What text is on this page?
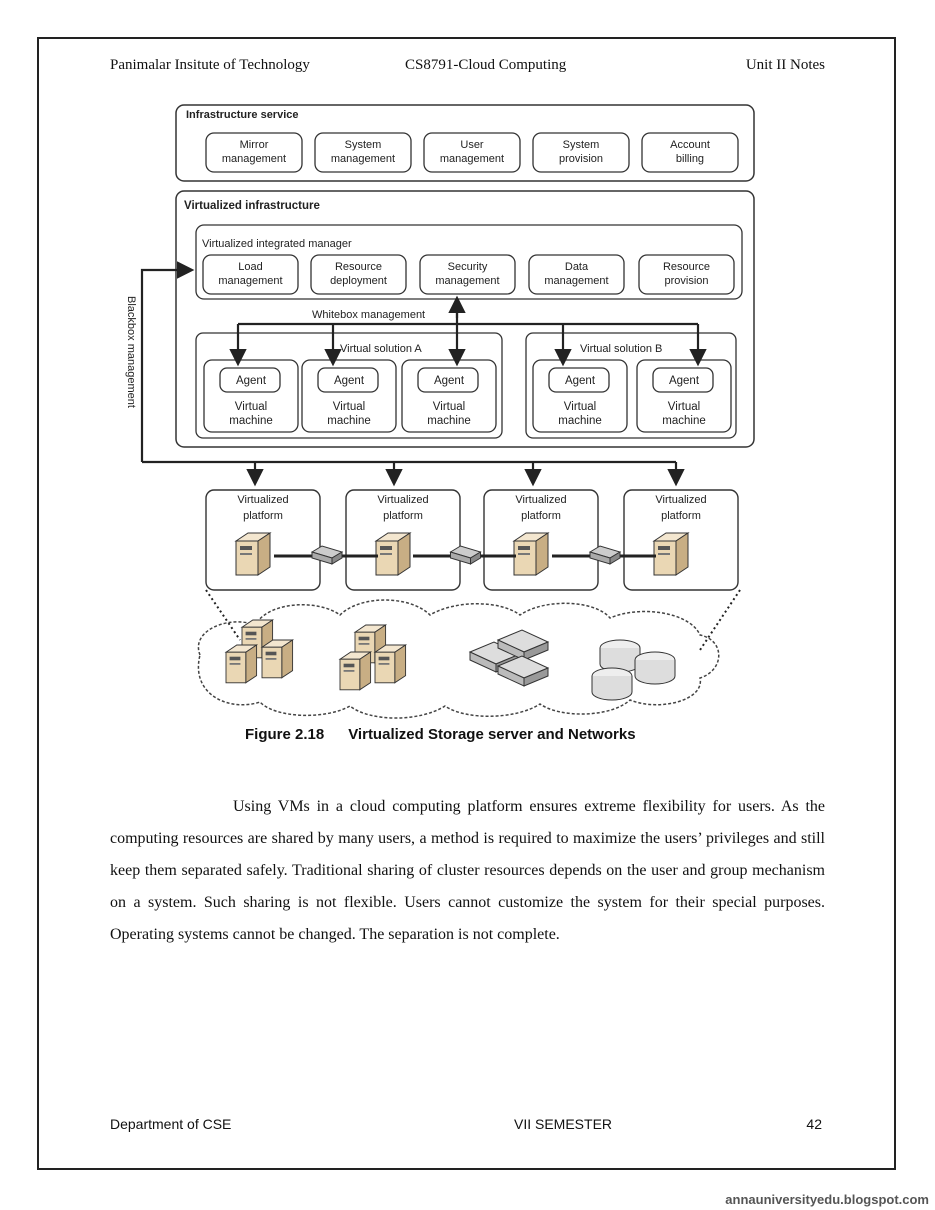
Panimalar Insitute of Technology	CS8791-Cloud Computing	Unit II Notes
Infrastructure service
Mirror
management
System
management
User
management
System
provision
Account
billing
Virtualized infrastructure
Virtualized integrated manager
Load
management
Resource
deployment
Security
management
Data
management
Resource
provision
Whitebox management
Virtual solution A	Virtual solution B
Agent
Virtual
machine
Agent
Virtual
machine
Agent
Virtual
machine
Agent
Virtual
machine
Agent
Virtual
machine
Blackbox management
Virtualized
platform
Virtualized
platform
Virtualized
platform
Virtualized
platform
Figure 2.18 Virtualized Storage server and Networks

Using VMs in a cloud computing platform ensures extreme flexibility for users. As the computing resources are shared by many users, a method is required to maximize the users’ privileges and still keep them separated safely. Traditional sharing of cluster resources depends on the user and group mechanism on a system. Such sharing is not flexible. Users cannot customize the system for their special purposes. Operating systems cannot be changed. The separation is not complete.

Department of CSE	VII SEMESTER	42
annauniversityedu.blogspot.com
